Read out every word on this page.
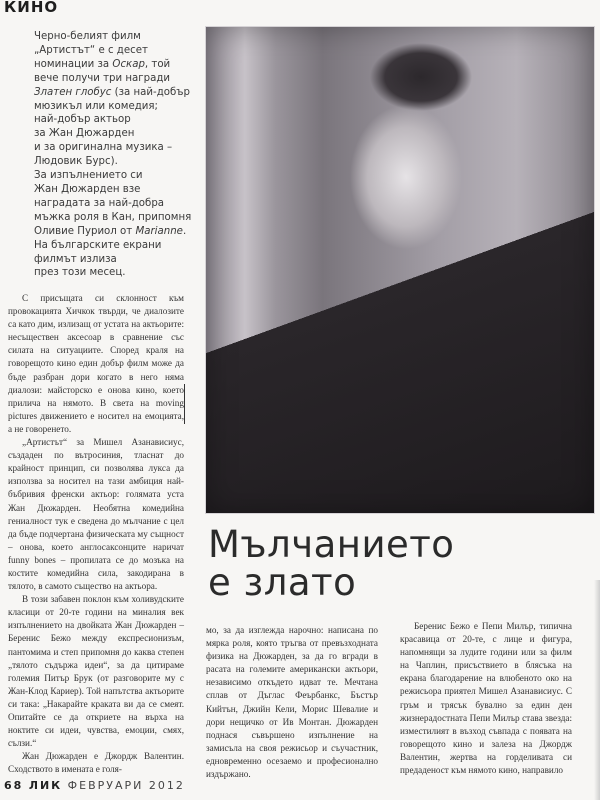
КИНО
Черно-белият филм
„Артистът“ е с десет
номинации за Оскар, той
вече получи три награди
Златен глобус (за най-добър
мюзикъл или комедия;
най-добър актьор
за Жан Дюжарден
и за оригинална музика –
Людовик Бурс).
За изпълнението си
Жан Дюжарден взе
наградата за най-добра
мъжка роля в Кан, припомня
Оливие Пуриол от Marianne.
На българските екрани
филмът излиза
през този месец.

С присъщата си склонност към провокацията Хичкок твърди, че диалозите са като дим, излизащ от устата на актьорите: несъществен аксесоар в сравнение със силата на ситуациите. Според краля на говорещото кино един добър филм може да бъде разбран дори когато в него няма диалози: майсторско е онова кино, което прилича на нямото. В света на moving pictures движението е носител на емоцията, а не говоренето.

„Артистът“ за Мишел Азанависиус, създаден по вътросиния, тласнат до крайност принцип, си позволява лукса да използва за носител на тази амбиция най-бъбривия френски актьор: голямата уста Жан Дюжарден. Необятна комедийна гениалност тук е сведена до мълчание с цел да бъде подчертана физическата му същност – онова, което англосаксонците наричат funny bones – пропилата се до мозъка на костите комедийна сила, закодирана в тялото, в самото същество на актьора.

В този забавен поклон към холивудските класици от 20-те години на миналия век изпълнението на двойката Жан Дюжарден – Беренис Бежо между експресионизъм, пантомима и степ припомня до каква степен „тялото съдържа идеи“, за да цитираме големия Питър Брук (от разговорите му с Жан-Клод Кариер). Той напътства актьорите си така: „Накарайте краката ви да се смеят. Опитайте се да откриете на върха на ноктите си идеи, чувства, емоции, смях, сълзи.“

Жан Дюжарден е Джордж Валентин. Сходството в имената е голя-

Мълчанието
е злато

мо, за да изглежда нарочно: написана по мярка роля, която тръгва от превъзходната физика на Дюжарден, за да го вгради в расата на големите американски актьори, независимо откъдето идват те. Мечтана сплав от Дъглас Феърбанкс, Бъстър Кийтън, Джийн Кели, Морис Шевалие и дори нещичко от Ив Монтан. Дюжарден поднася съвършено изпълнение на замисъла на своя режисьор и съучастник, едновременно осезаемо и професионално издържано.

Беренис Бежо е Пепи Милър, типична красавица от 20-те, с лице и фигура, напомнящи за лудите години или за филм на Чаплин, присъствието в блясъка на екрана благодарение на влюбеното око на режисьора приятел Мишел Азанависиус. С гръм и трясък бувално за един ден жизнерадостната Пепи Милър става звезда: изместилият в възход съвпада с появата на говорещото кино и залеза на Джордж Валентин, жертва на горделивата си предаденост към нямото кино, направило

68 ЛИК ФЕВРУАРИ 2012
